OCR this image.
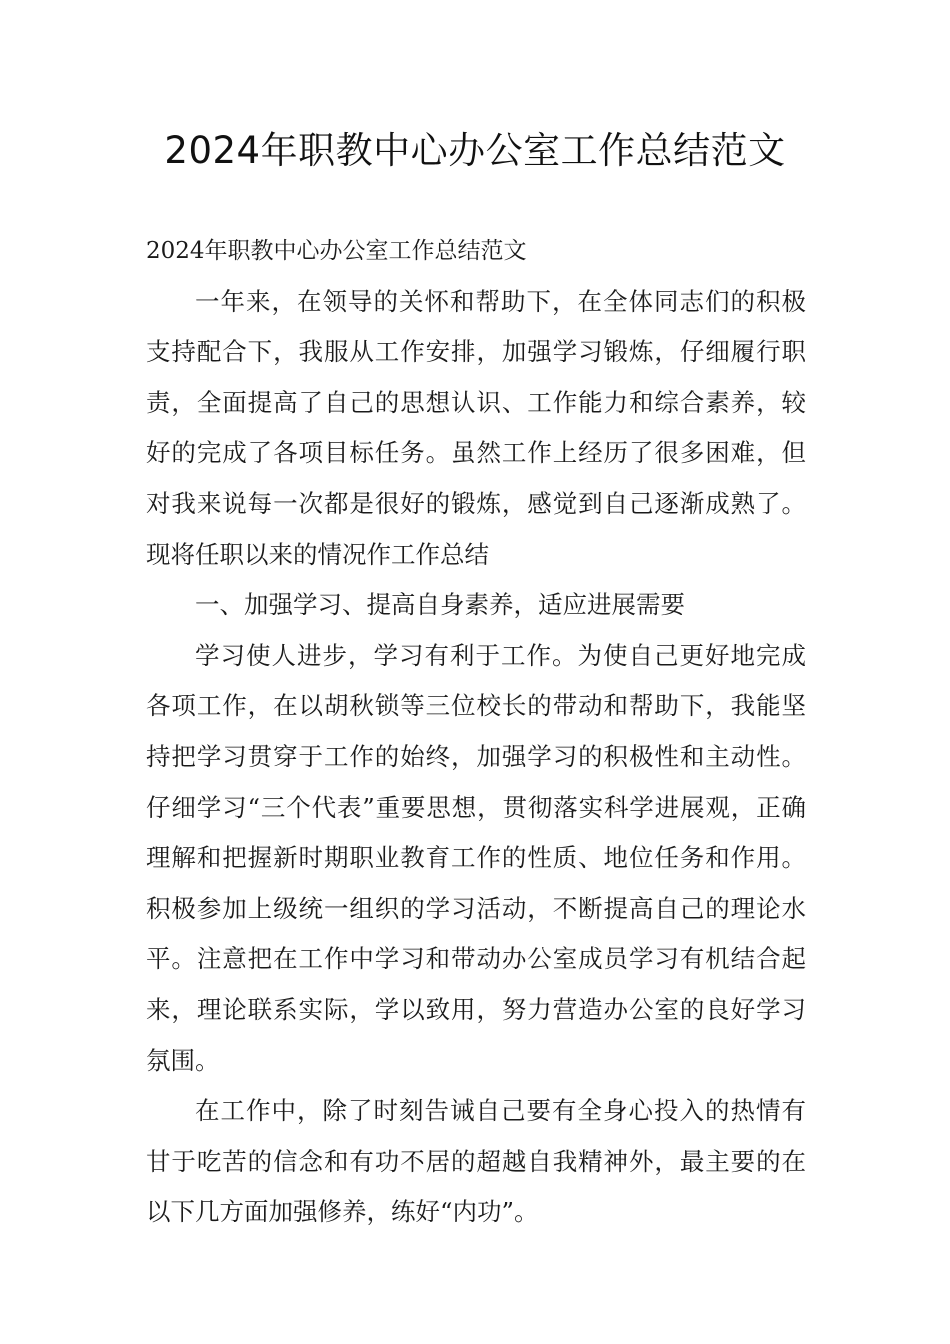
2024年职教中心办公室工作总结范文

2024年职教中心办公室工作总结范文

一年来，在领导的关怀和帮助下，在全体同志们的积极支持配合下，我服从工作安排，加强学习锻炼，仔细履行职责，全面提高了自己的思想认识、工作能力和综合素养，较好的完成了各项目标任务。虽然工作上经历了很多困难，但对我来说每一次都是很好的锻炼，感觉到自己逐渐成熟了。现将任职以来的情况作工作总结

一、加强学习、提高自身素养，适应进展需要

学习使人进步，学习有利于工作。为使自己更好地完成各项工作，在以胡秋锁等三位校长的带动和帮助下，我能坚持把学习贯穿于工作的始终，加强学习的积极性和主动性。仔细学习“三个代表”重要思想，贯彻落实科学进展观，正确理解和把握新时期职业教育工作的性质、地位任务和作用。积极参加上级统一组织的学习活动，不断提高自己的理论水平。注意把在工作中学习和带动办公室成员学习有机结合起来，理论联系实际，学以致用，努力营造办公室的良好学习氛围。

在工作中，除了时刻告诫自己要有全身心投入的热情有甘于吃苦的信念和有功不居的超越自我精神外，最主要的在以下几方面加强修养，练好“内功”。
